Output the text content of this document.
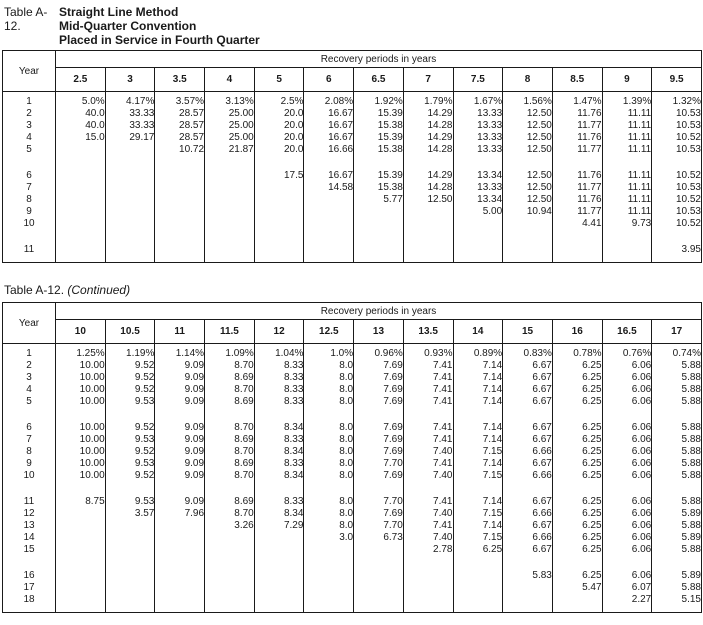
Table A-12.
Straight Line Method
Mid-Quarter Convention
Placed in Service in Fourth Quarter
Year	Recovery periods in years												
	2.5	3	3.5	4	5	6	6.5	7	7.5	8	8.5	9	9.5

1	5.0%	4.17%	3.57%	3.13%	2.5%	2.08%	1.92%	1.79%	1.67%	1.56%	1.47%	1.39%	1.32%
2	40.0	33.33	28.57	25.00	20.0	16.67	15.39	14.29	13.33	12.50	11.76	11.11	10.53
3	40.0	33.33	28.57	25.00	20.0	16.67	15.38	14.28	13.33	12.50	11.77	11.11	10.53
4	15.0	29.17	28.57	25.00	20.0	16.67	15.39	14.29	13.33	12.50	11.76	11.11	10.52
5			10.72	21.87	20.0	16.66	15.38	14.28	13.33	12.50	11.77	11.11	10.53

6					17.5	16.67	15.39	14.29	13.34	12.50	11.76	11.11	10.52
7						14.58	15.38	14.28	13.33	12.50	11.77	11.11	10.53
8							5.77	12.50	13.34	12.50	11.76	11.11	10.52
9									5.00	10.94	11.77	11.11	10.53
10											4.41	9.73	10.52

11													3.95

Table A-12. (Continued)
Year	Recovery periods in years												
	10	10.5	11	11.5	12	12.5	13	13.5	14	15	16	16.5	17

1	1.25%	1.19%	1.14%	1.09%	1.04%	1.0%	0.96%	0.93%	0.89%	0.83%	0.78%	0.76%	0.74%
2	10.00	9.52	9.09	8.70	8.33	8.0	7.69	7.41	7.14	6.67	6.25	6.06	5.88
3	10.00	9.52	9.09	8.69	8.33	8.0	7.69	7.41	7.14	6.67	6.25	6.06	5.88
4	10.00	9.52	9.09	8.70	8.33	8.0	7.69	7.41	7.14	6.67	6.25	6.06	5.88
5	10.00	9.53	9.09	8.69	8.33	8.0	7.69	7.41	7.14	6.67	6.25	6.06	5.88

6	10.00	9.52	9.09	8.70	8.34	8.0	7.69	7.41	7.14	6.67	6.25	6.06	5.88
7	10.00	9.53	9.09	8.69	8.33	8.0	7.69	7.41	7.14	6.67	6.25	6.06	5.88
8	10.00	9.52	9.09	8.70	8.34	8.0	7.69	7.40	7.15	6.66	6.25	6.06	5.88
9	10.00	9.53	9.09	8.69	8.33	8.0	7.70	7.41	7.14	6.67	6.25	6.06	5.88
10	10.00	9.52	9.09	8.70	8.34	8.0	7.69	7.40	7.15	6.66	6.25	6.06	5.88

11	8.75	9.53	9.09	8.69	8.33	8.0	7.70	7.41	7.14	6.67	6.25	6.06	5.88
12		3.57	7.96	8.70	8.34	8.0	7.69	7.40	7.15	6.66	6.25	6.06	5.89
13				3.26	7.29	8.0	7.70	7.41	7.14	6.67	6.25	6.06	5.88
14						3.0	6.73	7.40	7.15	6.66	6.25	6.06	5.89
15								2.78	6.25	6.67	6.25	6.06	5.88

16										5.83	6.25	6.06	5.89
17											5.47	6.07	5.88
18												2.27	5.15
